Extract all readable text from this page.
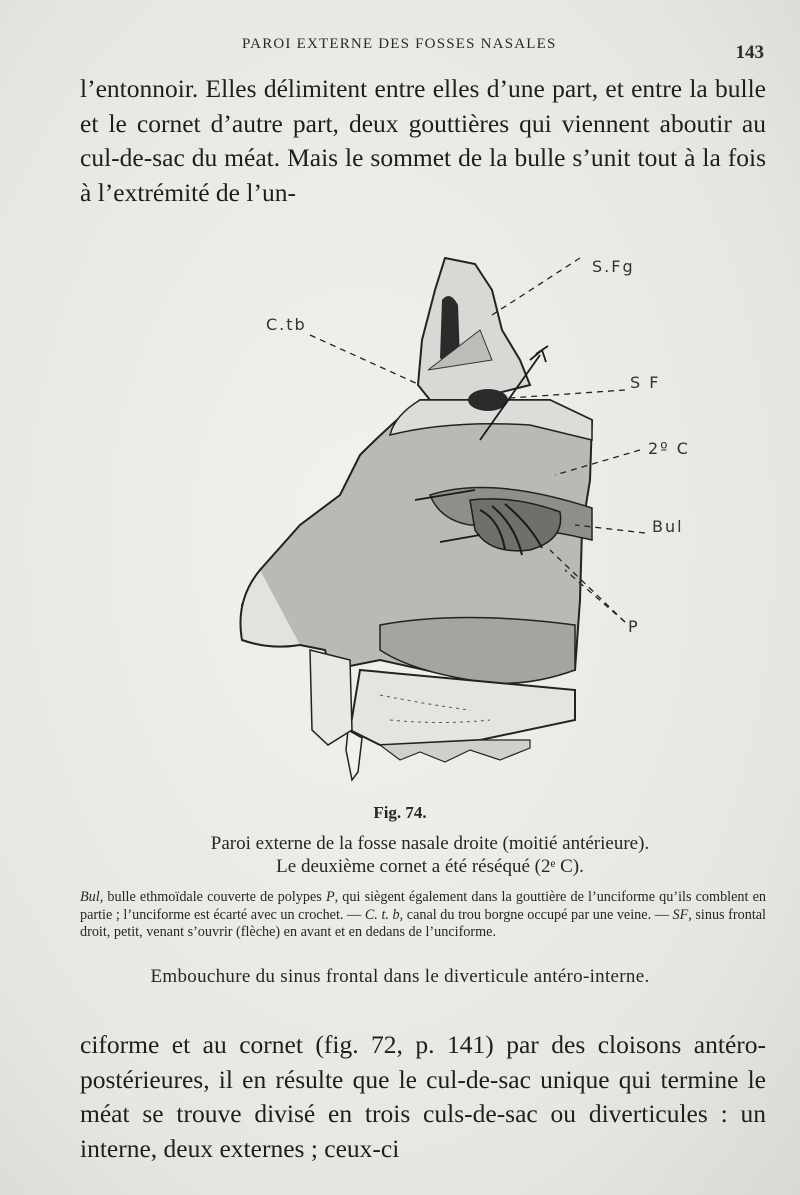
PAROI EXTERNE DES FOSSES NASALES	143
l’entonnoir. Elles délimitent entre elles d’une part, et entre la bulle et le cornet d’autre part, deux gouttières qui viennent aboutir au cul-de-sac du méat. Mais le sommet de la bulle s’unit tout à la fois à l’extrémité de l’un-
S.Fg
C.tb
S F
2º C
Bul
P
Fig. 74.
Paroi externe de la fosse nasale droite (moitié antérieure).
Le deuxième cornet a été réséqué (2ᵉ C).
Bul, bulle ethmoïdale couverte de polypes P, qui siègent également dans la gouttière de l’unciforme qu’ils comblent en partie ; l’unciforme est écarté avec un crochet. — C. t. b, canal du trou borgne occupé par une veine. — SF, sinus frontal droit, petit, venant s’ouvrir (flèche) en avant et en dedans de l’unciforme.
Embouchure du sinus frontal dans le diverticule antéro-interne.
ciforme et au cornet (fig. 72, p. 141) par des cloisons antéro-postérieures, il en résulte que le cul-de-sac unique qui termine le méat se trouve divisé en trois culs-de-sac ou diverticules : un interne, deux externes ; ceux-ci
